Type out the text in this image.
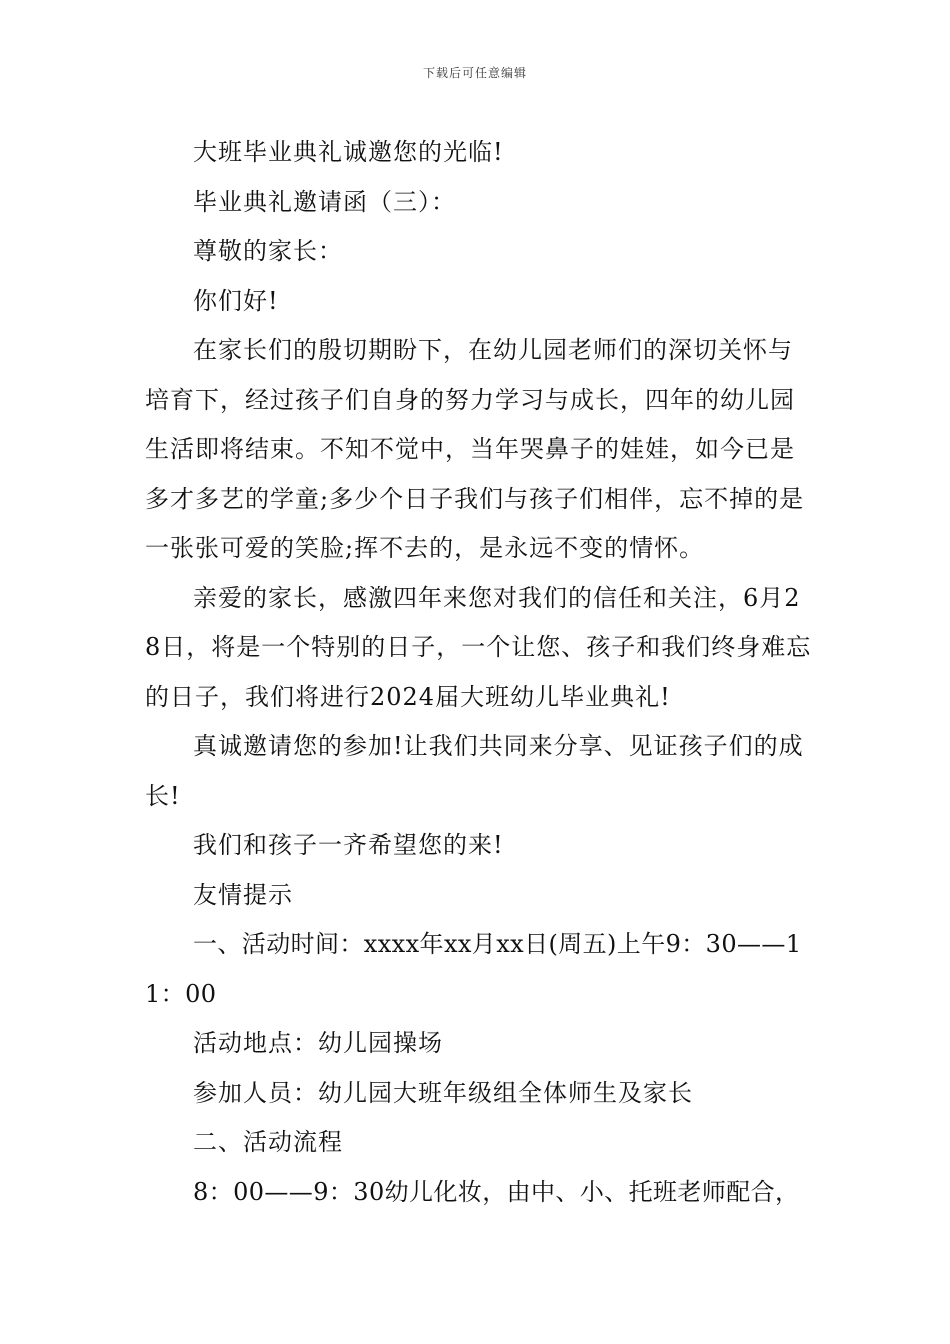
下载后可任意编辑

大班毕业典礼诚邀您的光临!

毕业典礼邀请函（三）：

尊敬的家长：

你们好!

在家长们的殷切期盼下，在幼儿园老师们的深切关怀与培育下，经过孩子们自身的努力学习与成长，四年的幼儿园生活即将结束。不知不觉中，当年哭鼻子的娃娃，如今已是多才多艺的学童;多少个日子我们与孩子们相伴，忘不掉的是一张张可爱的笑脸;挥不去的，是永远不变的情怀。

亲爱的家长，感激四年来您对我们的信任和关注，6月28日，将是一个特别的日子，一个让您、孩子和我们终身难忘的日子，我们将进行2024届大班幼儿毕业典礼!

真诚邀请您的参加!让我们共同来分享、见证孩子们的成长!

我们和孩子一齐希望您的来!

友情提示

一、活动时间：xxxx年xx月xx日(周五)上午9：30——11：00

活动地点：幼儿园操场

参加人员：幼儿园大班年级组全体师生及家长

二、活动流程

8：00——9：30幼儿化妆，由中、小、托班老师配合，
